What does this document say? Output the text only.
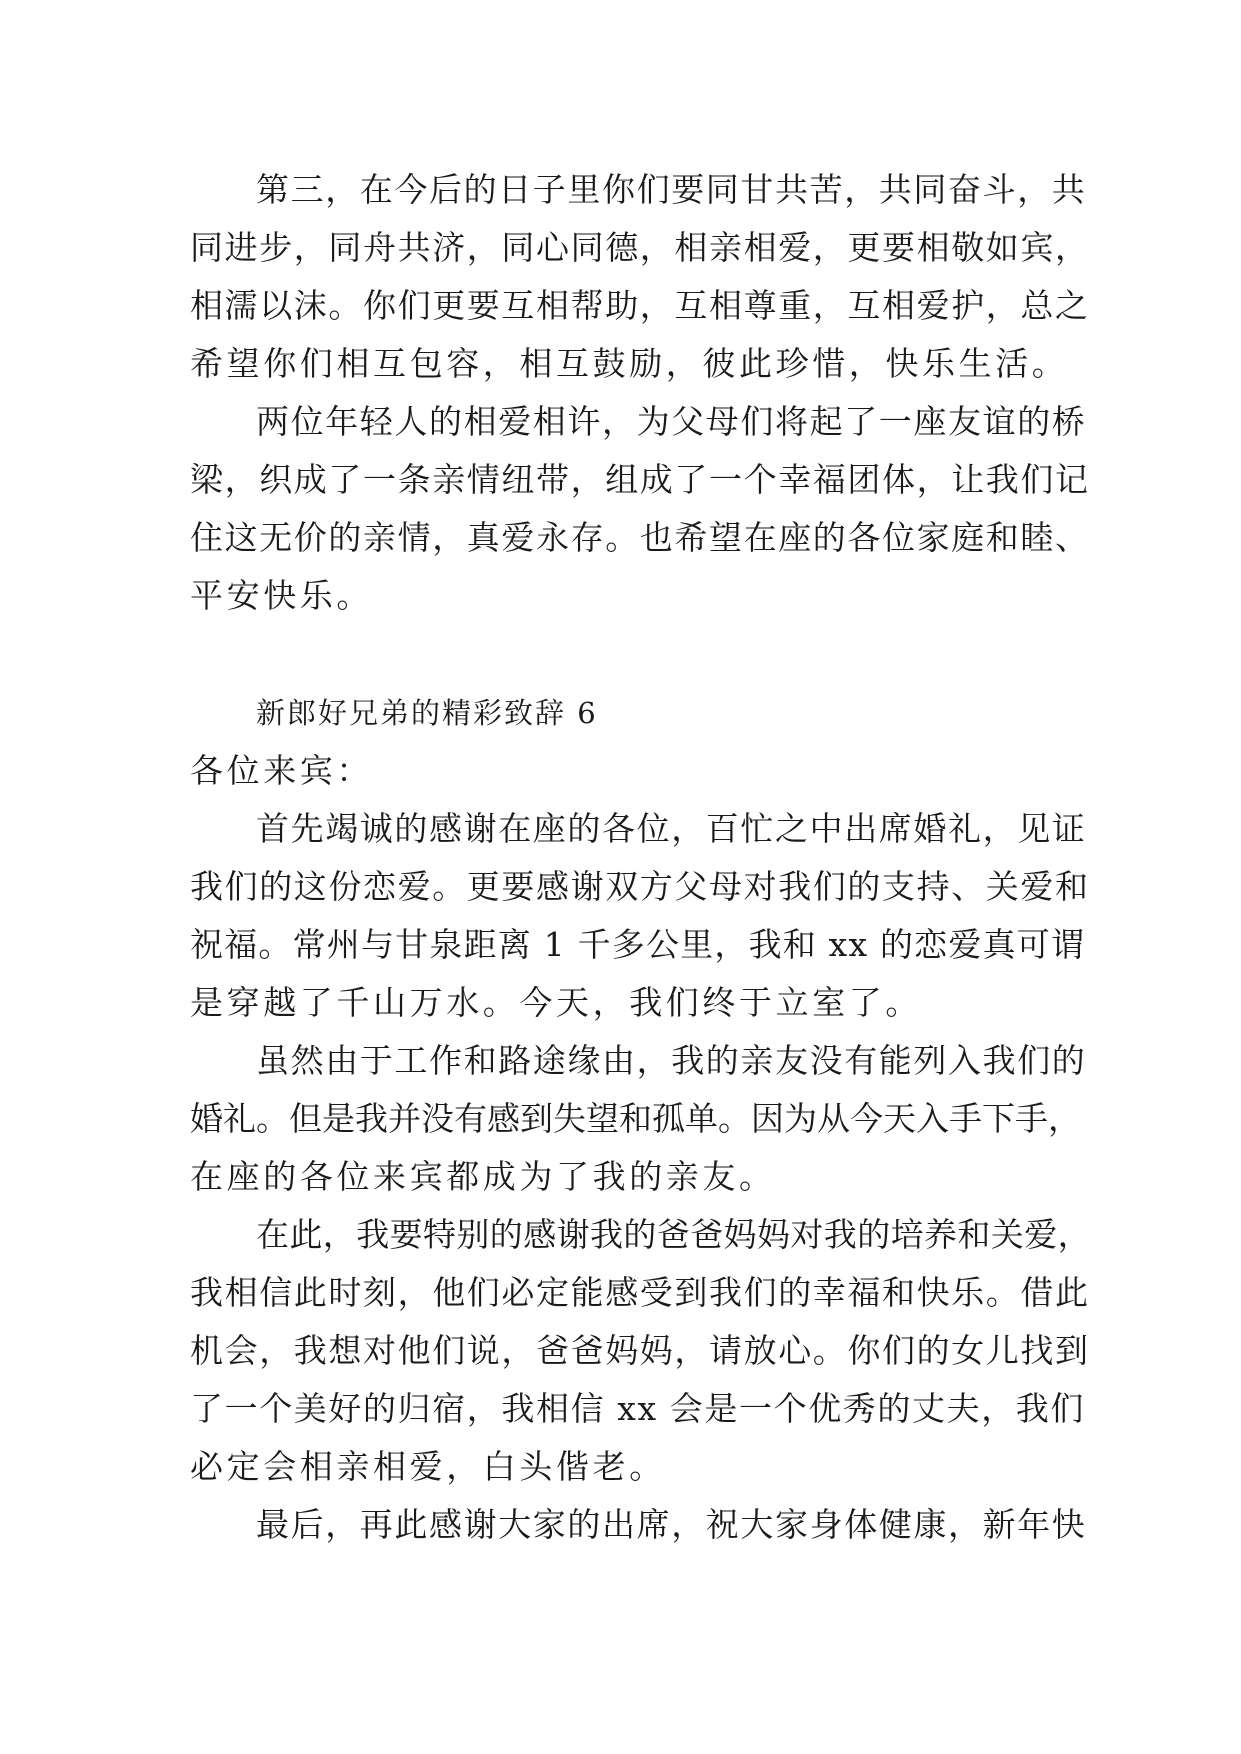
第三，在今后的日子里你们要同甘共苦，共同奋斗，共
同进步，同舟共济，同心同德，相亲相爱，更要相敬如宾，
相濡以沫。你们更要互相帮助，互相尊重，互相爱护，总之
希望你们相互包容，相互鼓励，彼此珍惜，快乐生活。
两位年轻人的相爱相许，为父母们将起了一座友谊的桥
梁，织成了一条亲情纽带，组成了一个幸福团体，让我们记
住这无价的亲情，真爱永存。也希望在座的各位家庭和睦、
平安快乐。
新郎好兄弟的精彩致辞 6
各位来宾：
首先竭诚的感谢在座的各位，百忙之中出席婚礼，见证
我们的这份恋爱。更要感谢双方父母对我们的支持、关爱和
祝福。常州与甘泉距离 1 千多公里，我和 xx 的恋爱真可谓
是穿越了千山万水。今天，我们终于立室了。
虽然由于工作和路途缘由，我的亲友没有能列入我们的
婚礼。但是我并没有感到失望和孤单。因为从今天入手下手，
在座的各位来宾都成为了我的亲友。
在此，我要特别的感谢我的爸爸妈妈对我的培养和关爱，
我相信此时刻，他们必定能感受到我们的幸福和快乐。借此
机会，我想对他们说，爸爸妈妈，请放心。你们的女儿找到
了一个美好的归宿，我相信 xx 会是一个优秀的丈夫，我们
必定会相亲相爱，白头偕老。
最后，再此感谢大家的出席，祝大家身体健康，新年快
